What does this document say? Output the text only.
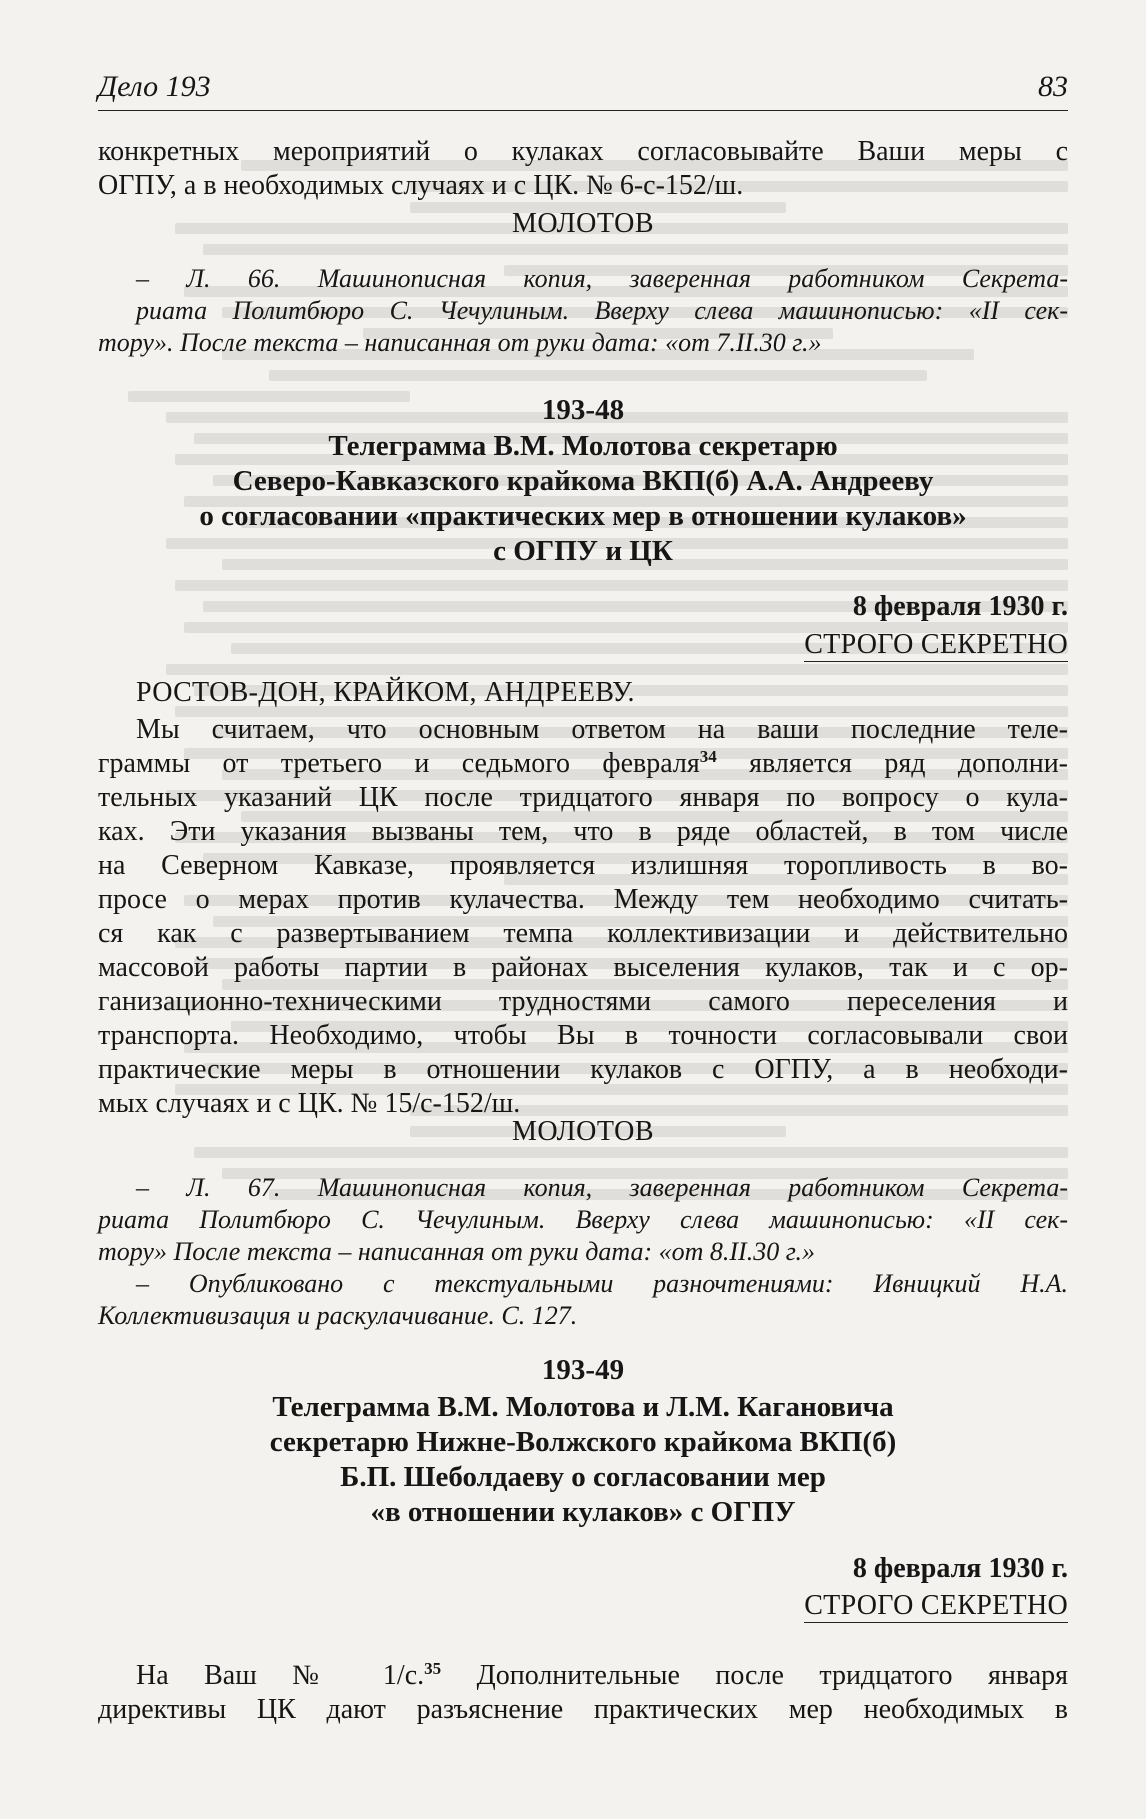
Дело 193	83
конкретных мероприятий о кулаках согласовывайте Ваши меры с
ОГПУ, а в необходимых случаях и с ЦК. № 6-с-152/ш.
МОЛОТОВ
– Л. 66. Машинописная копия, заверенная работником Секрета-
риата Политбюро С. Чечулиным. Вверху слева машинописью: «II сек-
тору». После текста – написанная от руки дата: «от 7.II.30 г.»
193-48
Телеграмма В.М. Молотова секретарю
Северо-Кавказского крайкома ВКП(б) А.А. Андрееву
о согласовании «практических мер в отношении кулаков»
с ОГПУ и ЦК
8 февраля 1930 г.
СТРОГО СЕКРЕТНО
РОСТОВ-ДОН, КРАЙКОМ, АНДРЕЕВУ.
Мы считаем, что основным ответом на ваши последние теле-
граммы от третьего и седьмого февраля$^{34}$ является ряд дополни-
тельных указаний ЦК после тридцатого января по вопросу о кула-
ках. Эти указания вызваны тем, что в ряде областей, в том числе
на Северном Кавказе, проявляется излишняя торопливость в во-
просе о мерах против кулачества. Между тем необходимо считать-
ся как с развертыванием темпа коллективизации и действительно
массовой работы партии в районах выселения кулаков, так и с ор-
ганизационно-техническими трудностями самого переселения и
транспорта. Необходимо, чтобы Вы в точности согласовывали свои
практические меры в отношении кулаков с ОГПУ, а в необходи-
мых случаях и с ЦК. № 15/с-152/ш.
МОЛОТОВ
– Л. 67. Машинописная копия, заверенная работником Секрета-
риата Политбюро С. Чечулиным. Вверху слева машинописью: «II сек-
тору» После текста – написанная от руки дата: «от 8.II.30 г.»
– Опубликовано с текстуальными разночтениями: Ивницкий Н.А.
Коллективизация и раскулачивание. С. 127.
193-49
Телеграмма В.М. Молотова и Л.М. Кагановича
секретарю Нижне-Волжского крайкома ВКП(б)
Б.П. Шеболдаеву о согласовании мер
«в отношении кулаков» с ОГПУ
8 февраля 1930 г.
СТРОГО СЕКРЕТНО
На Ваш № 1/с.$^{35}$ Дополнительные после тридцатого января
директивы ЦК дают разъяснение практических мер необходимых в
